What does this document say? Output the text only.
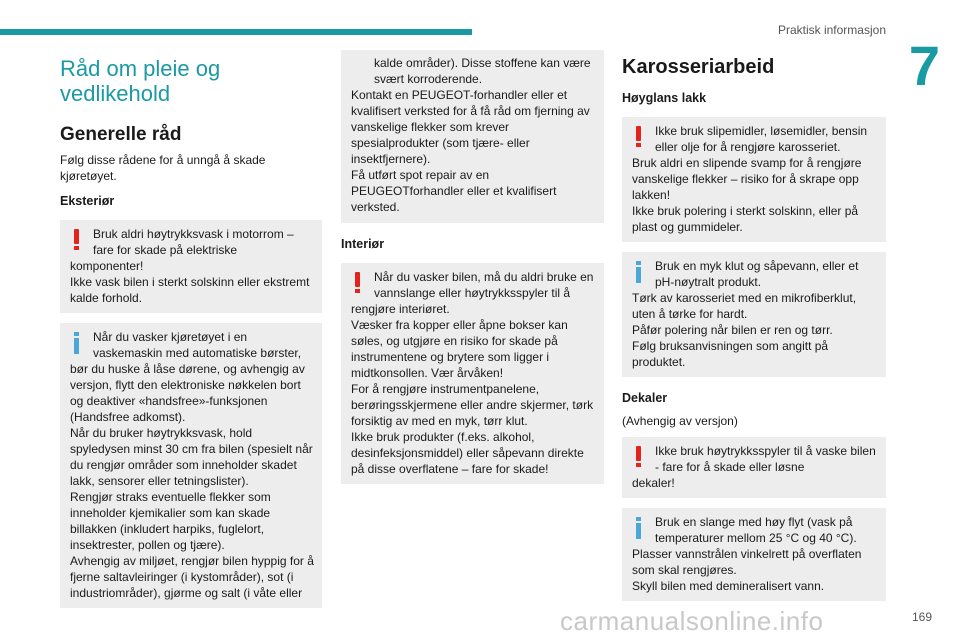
Praktisk informasjon
7
Råd om pleie og vedlikehold
Generelle råd

Følg disse rådene for å unngå å skade kjøretøyet.

Eksteriør
Bruk aldri høytrykksvask i motorrom – fare for skade på elektriske
komponenter!
Ikke vask bilen i sterkt solskinn eller ekstremt kalde forhold.
Når du vasker kjøretøyet i en vaskemaskin med automatiske børster,
bør du huske å låse dørene, og avhengig av versjon, flytt den elektroniske nøkkelen bort og deaktiver «handsfree»-funksjonen (Handsfree adkomst).
Når du bruker høytrykksvask, hold spyledysen minst 30 cm fra bilen (spesielt når du rengjør områder som inneholder skadet lakk, sensorer eller tetningslister).
Rengjør straks eventuelle flekker som inneholder kjemikalier som kan skade billakken (inkludert harpiks, fuglelort, insektrester, pollen og tjære).
Avhengig av miljøet, rengjør bilen hyppig for å fjerne saltavleiringer (i kystområder), sot (i industriområder), gjørme og salt (i våte eller
kalde områder). Disse stoffene kan være svært korroderende.
Kontakt en PEUGEOT-forhandler eller et kvalifisert verksted for å få råd om fjerning av vanskelige flekker som krever spesialprodukter (som tjære- eller insektfjernere).
Få utført spot repair av en PEUGEOTforhandler eller et kvalifisert verksted.
Interiør
Når du vasker bilen, må du aldri bruke en vannslange eller høytrykksspyler til å
rengjøre interiøret.
Væsker fra kopper eller åpne bokser kan søles, og utgjøre en risiko for skade på instrumentene og brytere som ligger i midtkonsollen. Vær årvåken!
For å rengjøre instrumentpanelene, berøringsskjermene eller andre skjermer, tørk forsiktig av med en myk, tørr klut.
Ikke bruk produkter (f.eks. alkohol, desinfeksjonsmiddel) eller såpevann direkte på disse overflatene – fare for skade!
Karosseriarbeid
Høyglans lakk
Ikke bruk slipemidler, løsemidler, bensin eller olje for å rengjøre karosseriet.
Bruk aldri en slipende svamp for å rengjøre vanskelige flekker – risiko for å skrape opp lakken!
Ikke bruk polering i sterkt solskinn, eller på plast og gummideler.
Bruk en myk klut og såpevann, eller et pH-nøytralt produkt.
Tørk av karosseriet med en mikrofiberklut, uten å tørke for hardt.
Påfør polering når bilen er ren og tørr.
Følg bruksanvisningen som angitt på produktet.
Dekaler

(Avhengig av versjon)

Ikke bruk høytrykksspyler til å vaske bilen - fare for å skade eller løsne
dekaler!
Bruk en slange med høy flyt (vask på temperaturer mellom 25 °C og 40 °C).
Plasser vannstrålen vinkelrett på overflaten som skal rengjøres.
Skyll bilen med demineralisert vann.
carmanualsonline.info	169
